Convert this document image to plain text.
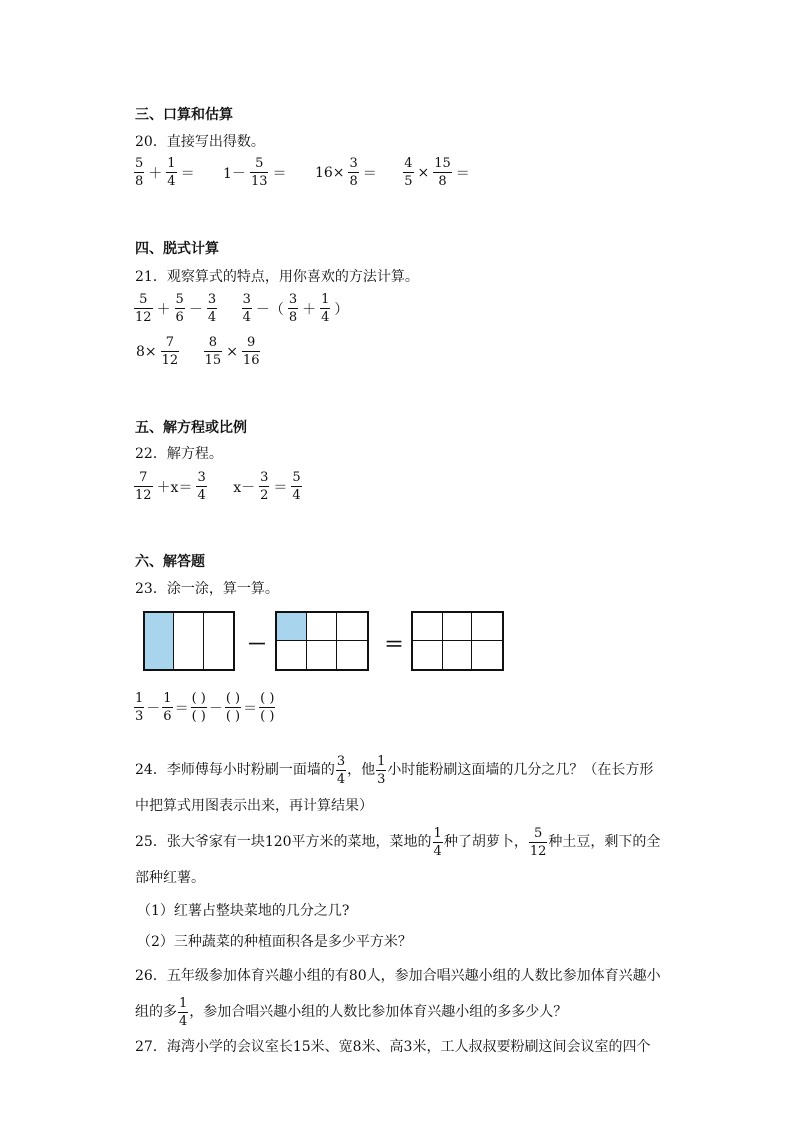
三、口算和估算
20．直接写出得数。
$\frac{5}{8} + \frac{1}{4} = 1- \frac{5}{13} = 16\times \frac{3}{8} = \frac{4}{5} \times \frac{15}{8}$ ＝
四、脱式计算
21．观察算式的特点，用你喜欢的方法计算。
$\frac{5}{12} + \frac{5}{6} - \frac{3}{4}$
$\frac{3}{4}$ －（ $\frac{3}{8} + \frac{1}{4}$ ）
$8\times \frac{7}{12}$
$\frac{8}{15} \times \frac{9}{16}$
五、解方程或比例
22．解方程。
$\frac{7}{12} +x= \frac{3}{4} x- \frac{3}{2} = \frac{5}{4}$
六、解答题
23．涂一涂，算一算。
－	＝
$\frac{1}{3} - \frac{1}{6} = \frac{( )}{( )} - \frac{( )}{( )} = \frac{( )}{( )}$
24．李师傅每小时粉刷一面墙的 $\frac{3}{4}$ ，他 $\frac{1}{3}$ 小时能粉刷这面墙的几分之几？（在长方形中把算式用图表示出来，再计算结果）
25．张大爷家有一块120平方米的菜地，菜地的 $\frac{1}{4}$ 种了胡萝卜， $\frac{5}{12}$ 种土豆，剩下的全部种红薯。
（1）红薯占整块菜地的几分之几?
（2）三种蔬菜的种植面积各是多少平方米？
26．五年级参加体育兴趣小组的有80人，参加合唱兴趣小组的人数比参加体育兴趣小组的多 $\frac{1}{4}$ ，参加合唱兴趣小组的人数比参加体育兴趣小组的多多少人？
27．海湾小学的会议室长15米、宽8米、高3米，工人叔叔要粉刷这间会议室的四个
